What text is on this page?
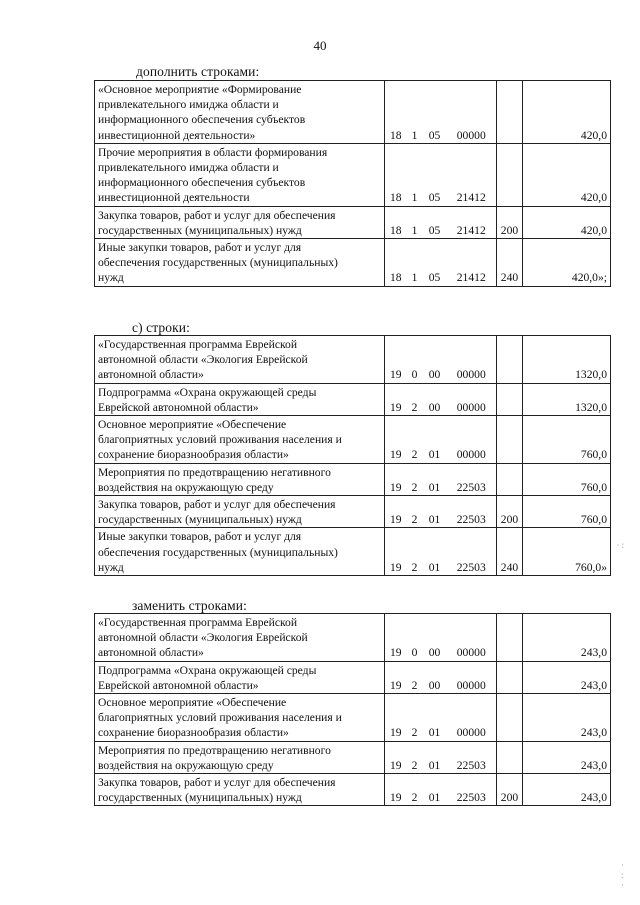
40
дополнить строками:
«Основное мероприятие «Формирование
привлекательного имиджа области и
информационного обеспечения субъектов
инвестиционной деятельности»	18	1	05	00000		420,0

Прочие мероприятия в области формирования
привлекательного имиджа области и
информационного обеспечения субъектов
инвестиционной деятельности	18	1	05	21412		420,0

Закупка товаров, работ и услуг для обеспечения
государственных (муниципальных) нужд	18	1	05	21412	200	420,0

Иные закупки товаров, работ и услуг для
обеспечения государственных (муниципальных)
нужд	18	1	05	21412	240	420,0»;
с) строки:
«Государственная программа Еврейской
автономной области «Экология Еврейской
автономной области»	19	0	00	00000		1320,0

Подпрограмма «Охрана окружающей среды
Еврейской автономной области»	19	2	00	00000		1320,0

Основное мероприятие «Обеспечение
благоприятных условий проживания населения и
сохранение биоразнообразия области»	19	2	01	00000		760,0

Мероприятия по предотвращению негативного
воздействия на окружающую среду	19	2	01	22503		760,0

Закупка товаров, работ и услуг для обеспечения
государственных (муниципальных) нужд	19	2	01	22503	200	760,0

Иные закупки товаров, работ и услуг для
обеспечения государственных (муниципальных)
нужд	19	2	01	22503	240	760,0»
заменить строками:
«Государственная программа Еврейской
автономной области «Экология Еврейской
автономной области»	19	0	00	00000		243,0

Подпрограмма «Охрана окружающей среды
Еврейской автономной области»	19	2	00	00000		243,0

Основное мероприятие «Обеспечение
благоприятных условий проживания населения и
сохранение биоразнообразия области»	19	2	01	00000		243,0

Мероприятия по предотвращению негативного
воздействия на окружающую среду	19	2	01	22503		243,0

Закупка товаров, работ и услуг для обеспечения
государственных (муниципальных) нужд	19	2	01	22503	200	243,0
·:
·
:
·
